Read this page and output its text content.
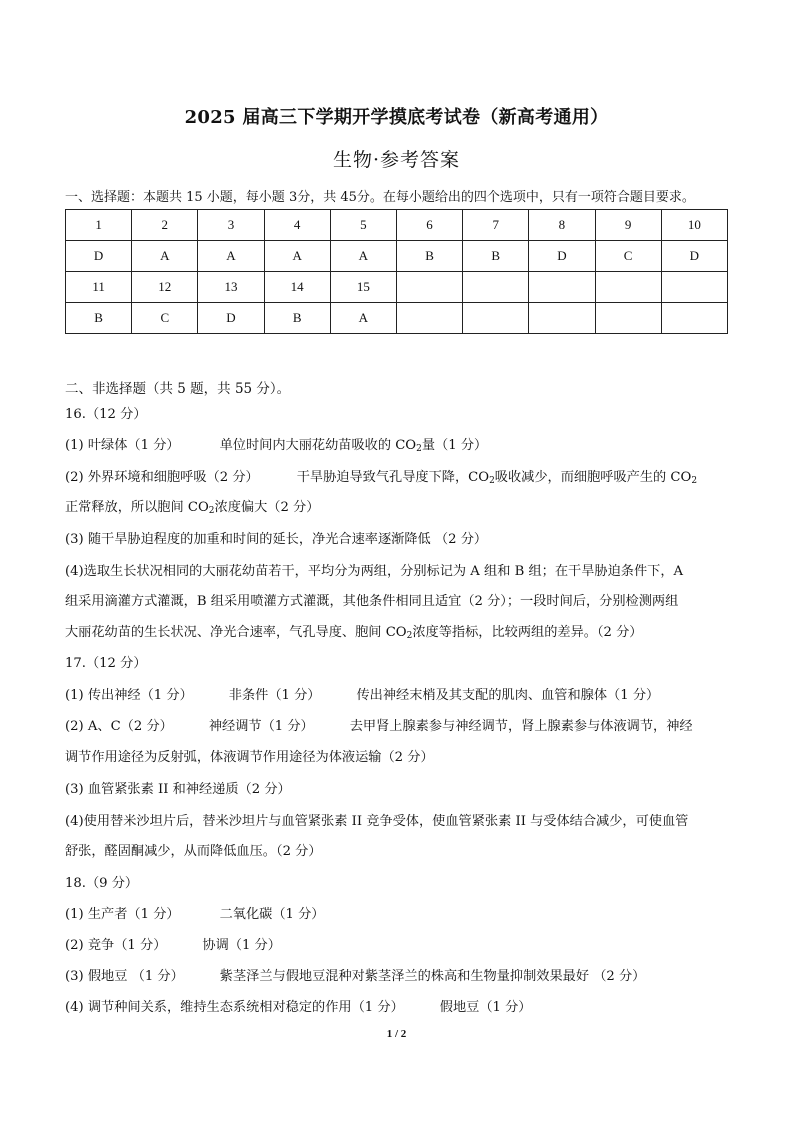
2025 届高三下学期开学摸底考试卷（新高考通用）
生物·参考答案
一、选择题：本题共 15 小题，每小题 3分，共 45分。在每小题给出的四个选项中，只有一项符合题目要求。
1	2	3	4	5	6	7	8	9	10
D	A	A	A	A	B	B	D	C	D
11	12	13	14	15					
B	C	D	B	A					
二、非选择题（共 5 题，共 55 分）。
16.（12 分）
(1) 叶绿体（1 分）	单位时间内大丽花幼苗吸收的 $CO_2$量（1 分）
(2) 外界环境和细胞呼吸（2 分）	干旱胁迫导致气孔导度下降，$CO_2$吸收减少，而细胞呼吸产生的 $CO_2$
正常释放，所以胞间 $CO_2$浓度偏大（2 分）
(3) 随干旱胁迫程度的加重和时间的延长，净光合速率逐渐降低 （2 分）
(4)选取生长状况相同的大丽花幼苗若干，平均分为两组，分别标记为 A 组和 B 组；在干旱胁迫条件下，A
组采用滴灌方式灌溉，B 组采用喷灌方式灌溉，其他条件相同且适宜（2 分）；一段时间后，分别检测两组
大丽花幼苗的生长状况、净光合速率，气孔导度、胞间 $CO_2$浓度等指标，比较两组的差异。（2 分）
17.（12 分）
(1) 传出神经（1 分）	非条件（1 分）	传出神经末梢及其支配的肌肉、血管和腺体（1 分）
(2) A、C（2 分）	神经调节（1 分）	去甲肾上腺素参与神经调节，肾上腺素参与体液调节，神经
调节作用途径为反射弧，体液调节作用途径为体液运输（2 分）
(3) 血管紧张素 II 和神经递质（2 分）
(4)使用替米沙坦片后，替米沙坦片与血管紧张素 II 竞争受体，使血管紧张素 II 与受体结合减少，可使血管
舒张，醛固酮减少，从而降低血压。（2 分）
18.（9 分）
(1) 生产者（1 分）	二氧化碳（1 分）
(2) 竞争（1 分）	协调（1 分）
(3) 假地豆 （1 分）	紫茎泽兰与假地豆混种对紫茎泽兰的株高和生物量抑制效果最好 （2 分）
(4) 调节种间关系，维持生态系统相对稳定的作用（1 分）	假地豆（1 分）
1 / 2
